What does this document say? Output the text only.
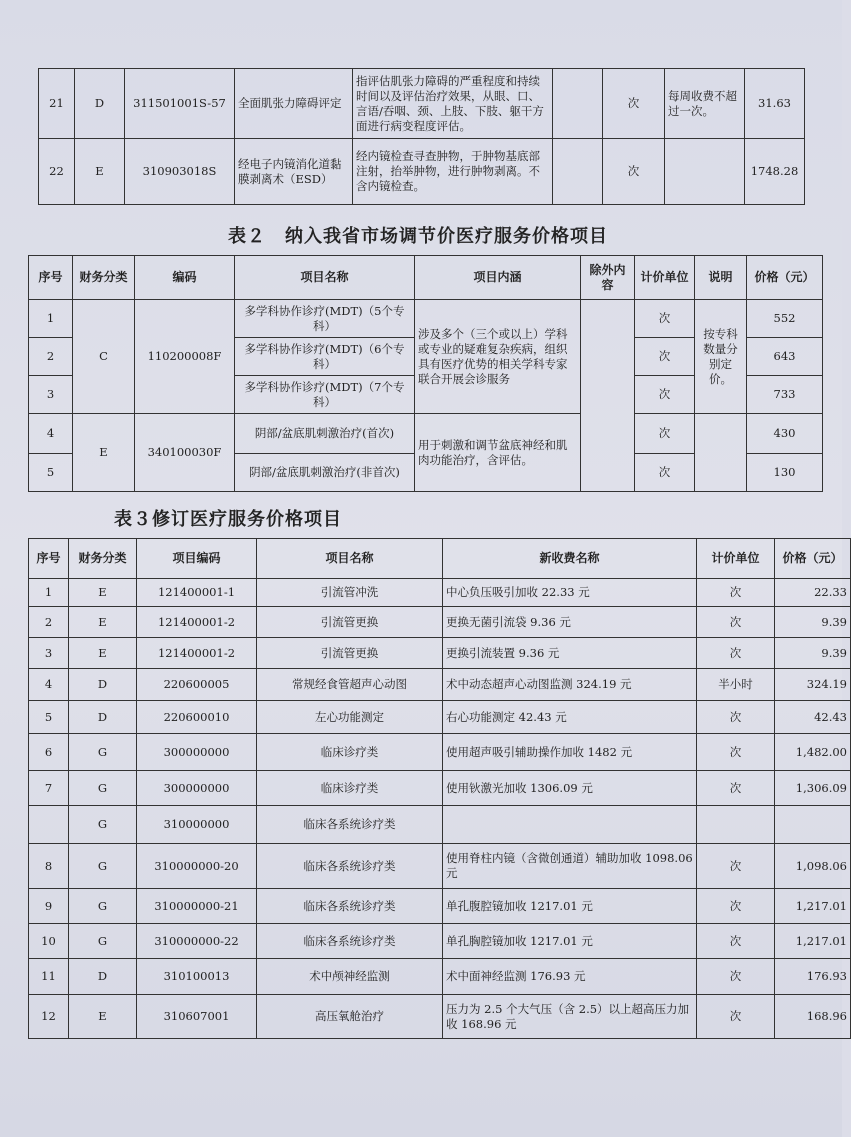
21	D	311501001S-57	全面肌张力障碍评定	指评估肌张力障碍的严重程度和持续时间以及评估治疗效果，从眼、口、言语/吞咽、颈、上肢、下肢、躯干方面进行病变程度评估。		次	每周收费不超过一次。	31.63
22	E	310903018S	经电子内镜消化道黏膜剥离术（ESD）	经内镜检查寻查肿物，于肿物基底部注射，抬举肿物，进行肿物剥离。不含内镜检查。		次		1748.28
表２　纳入我省市场调节价医疗服务价格项目
序号	财务分类	编码	项目名称	项目内涵	除外内容	计价单位	说明	价格（元）
1	C	110200008F	多学科协作诊疗(MDT)（5个专科）	涉及多个（三个或以上）学科或专业的疑难复杂疾病，组织具有医疗优势的相关学科专家联合开展会诊服务		次	按专科数量分别定价。	552
2			多学科协作诊疗(MDT)（6个专科）			次		643
3			多学科协作诊疗(MDT)（7个专科）			次		733
4	E	340100030F	阴部/盆底肌刺激治疗(首次)	用于刺激和调节盆底神经和肌肉功能治疗，含评估。		次		430
5			阴部/盆底肌刺激治疗(非首次)			次		130
表３修订医疗服务价格项目
序号	财务分类	项目编码	项目名称	新收费名称	计价单位	价格（元）
1	E	121400001-1	引流管冲洗	中心负压吸引加收 22.33 元	次	22.33
2	E	121400001-2	引流管更换	更换无菌引流袋 9.36 元	次	9.39
3	E	121400001-2	引流管更换	更换引流装置 9.36 元	次	9.39
4	D	220600005	常规经食管超声心动图	术中动态超声心动图监测 324.19 元	半小时	324.19
5	D	220600010	左心功能测定	右心功能测定 42.43 元	次	42.43
6	G	300000000	临床诊疗类	使用超声吸引辅助操作加收 1482 元	次	1,482.00
7	G	300000000	临床诊疗类	使用钬激光加收 1306.09 元	次	1,306.09
	G	310000000	临床各系统诊疗类			
8	G	310000000-20	临床各系统诊疗类	使用脊柱内镜（含微创通道）辅助加收 1098.06 元	次	1,098.06
9	G	310000000-21	临床各系统诊疗类	单孔腹腔镜加收 1217.01 元	次	1,217.01
10	G	310000000-22	临床各系统诊疗类	单孔胸腔镜加收 1217.01 元	次	1,217.01
11	D	310100013	术中颅神经监测	术中面神经监测 176.93 元	次	176.93
12	E	310607001	高压氧舱治疗	压力为 2.5 个大气压（含 2.5）以上超高压力加收 168.96 元	次	168.96
